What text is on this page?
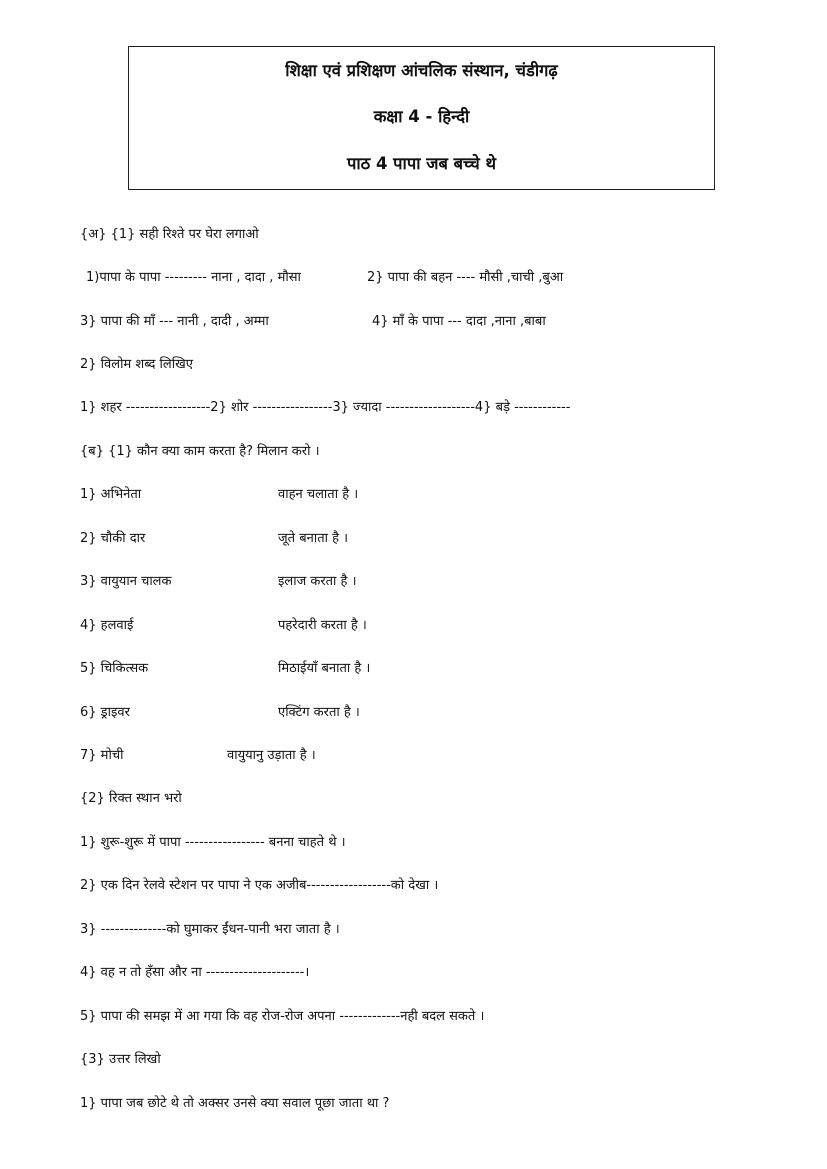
शिक्षा एवं प्रशिक्षण आंचलिक संस्थान, चंडीगढ़
कक्षा 4 - हिन्दी
पाठ 4 पापा जब बच्चे थे
{अ} {1} सही रिश्ते पर घेरा लगाओ
1)पापा के पापा --------- नाना , दादा , मौसा	2} पापा की बहन ---- मौसी ,चाची ,बुआ
3} पापा की माँ --- नानी , दादी , अम्मा	4} माँ के पापा --- दादा ,नाना ,बाबा
2} विलोम शब्द लिखिए
1} शहर ------------------2} शोर -----------------3} ज्यादा -------------------4} बड़े ------------
{ब} {1} कौन क्या काम करता है? मिलान करो ।
1} अभिनेता	वाहन चलाता है ।
2} चौकी दार	जूते बनाता है ।
3} वायुयान चालक	इलाज करता है ।
4} हलवाई	पहरेदारी करता है ।
5} चिकित्सक	मिठाईयाँ बनाता है ।
6} ड्राइवर	एक्टिंग करता है ।
7} मोची	वायुयानु उड़ाता है ।
{2} रिक्त स्थान भरो
1} शुरू-शुरू में पापा ----------------- बनना चाहते थे ।
2} एक दिन रेलवे स्टेशन पर पापा ने एक अजीब------------------को देखा ।
3} --------------को घुमाकर ईंधन-पानी भरा जाता है ।
4} वह न तो हँसा और ना ---------------------।
5} पापा की समझ में आ गया कि वह रोज-रोज अपना -------------नही बदल सकते ।
{3} उत्तर लिखो
1} पापा जब छोटे थे तो अक्सर उनसे क्या सवाल पूछा जाता था ?
